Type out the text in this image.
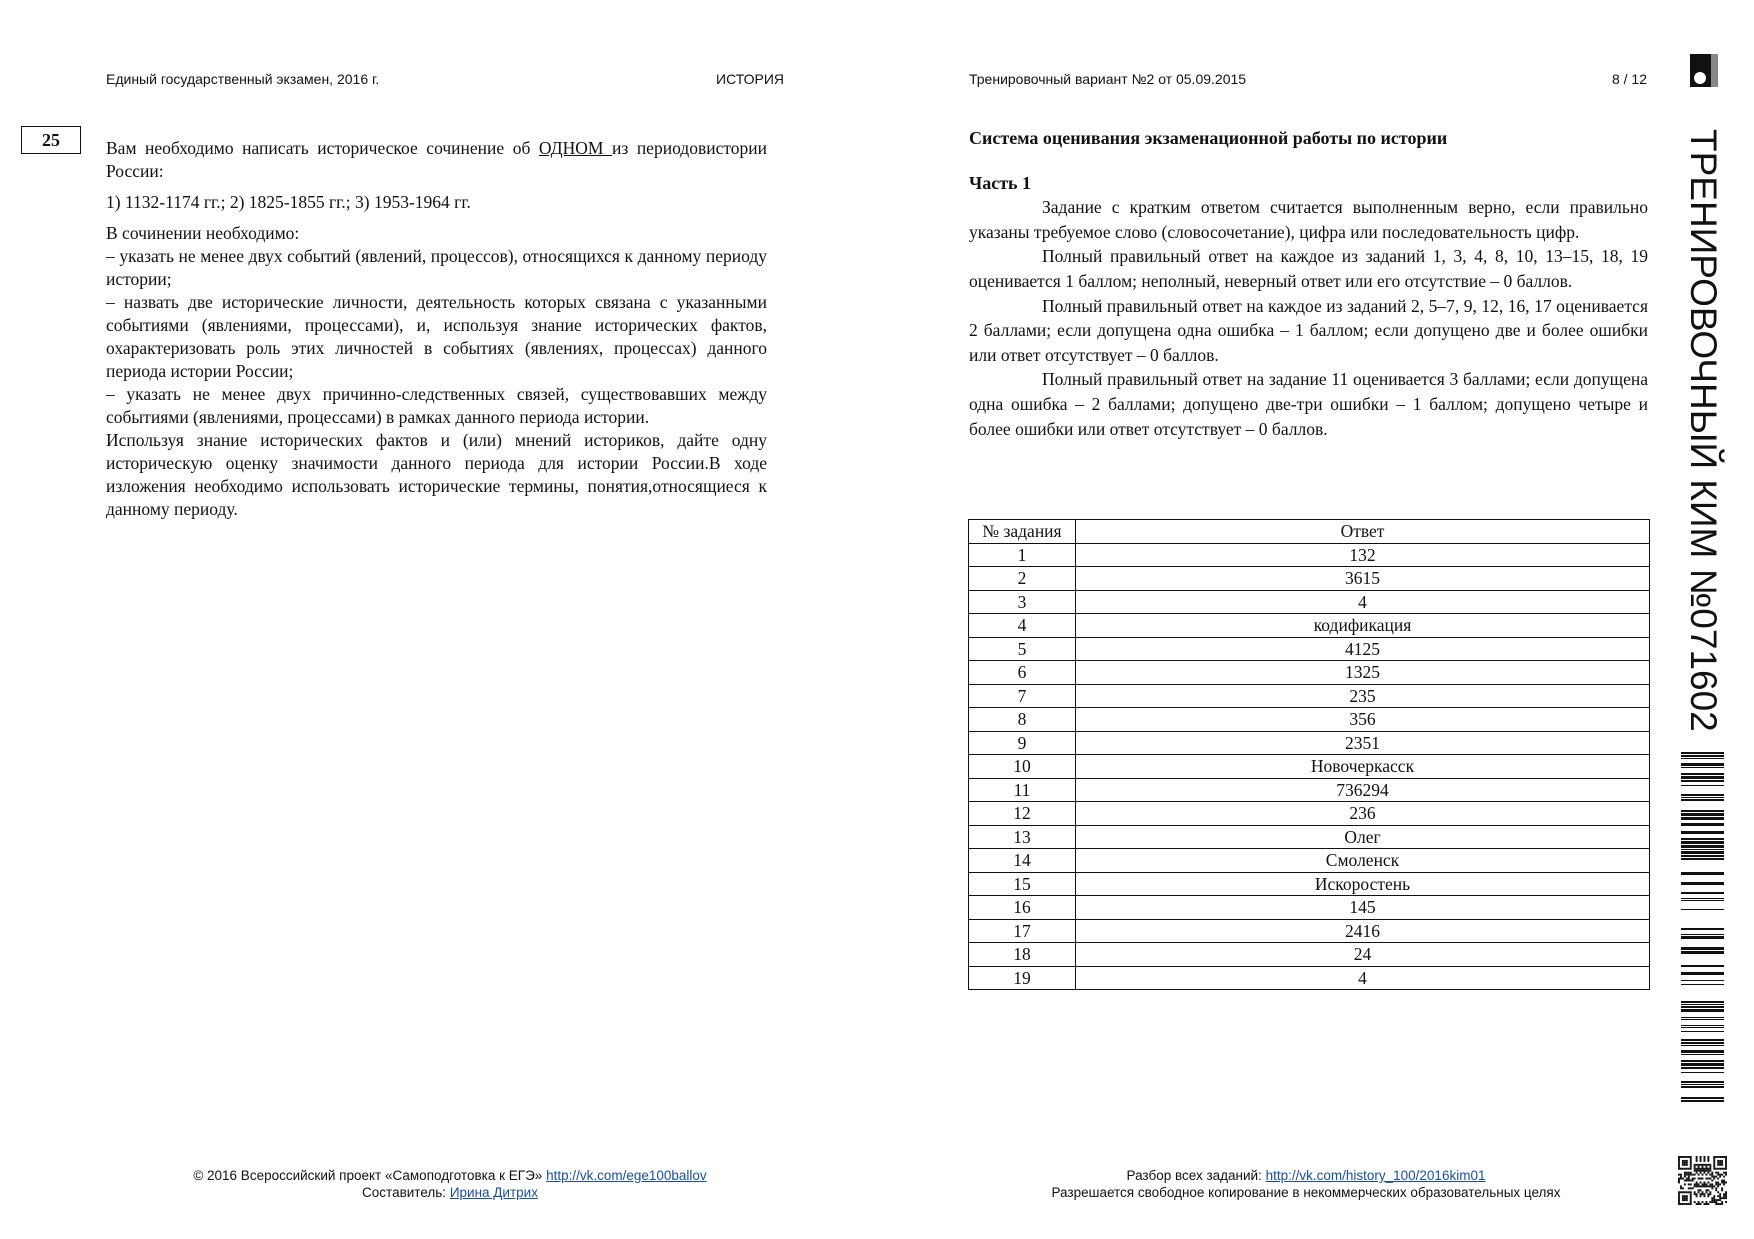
Единый государственный экзамен, 2016 г.	ИСТОРИЯ	Тренировочный вариант №2 от 05.09.2015	8 / 12
25	Вам необходимо написать историческое сочинение об ОДНОМ из периодовистории России:

1) 1132-1174 гг.; 2) 1825-1855 гг.; 3) 1953-1964 гг.

В сочинении необходимо:

– указать не менее двух событий (явлений, процессов), относящихся к данному периоду истории;

– назвать две исторические личности, деятельность которых связана с указанными событиями (явлениями, процессами), и, используя знание исторических фактов, охарактеризовать роль этих личностей в событиях (явлениях, процессах) данного периода истории России;

– указать не менее двух причинно-следственных связей, существовавших между событиями (явлениями, процессами) в рамках данного периода истории.

Используя знание исторических фактов и (или) мнений историков, дайте одну историческую оценку значимости данного периода для истории России.В ходе изложения необходимо использовать исторические термины, понятия,относящиеся к данному периоду.

Система оценивания экзаменационной работы по истории

Часть 1

Задание с кратким ответом считается выполненным верно, если правильно указаны требуемое слово (словосочетание), цифра или последовательность цифр.

Полный правильный ответ на каждое из заданий 1, 3, 4, 8, 10, 13–15, 18, 19 оценивается 1 баллом; неполный, неверный ответ или его отсутствие – 0 баллов.

Полный правильный ответ на каждое из заданий 2, 5–7, 9, 12, 16, 17 оценивается 2 баллами; если допущена одна ошибка – 1 баллом; если допущено две и более ошибки или ответ отсутствует – 0 баллов.

Полный правильный ответ на задание 11 оценивается 3 баллами; если допущена одна ошибка – 2 баллами; допущено две-три ошибки – 1 баллом; допущено четыре и более ошибки или ответ отсутствует – 0 баллов.

№ задания	Ответ
1	132
2	3615
3	4
4	кодификация
5	4125
6	1325
7	235
8	356
9	2351
10	Новочеркасск
11	736294
12	236
13	Олег
14	Смоленск
15	Искоростень
16	145
17	2416
18	24
19	4
ТРЕНИРОВОЧНЫЙ КИМ №071602
© 2016 Всероссийский проект «Самоподготовка к ЕГЭ» http://vk.com/ege100ballov
Составитель: Ирина Дитрих
Разбор всех заданий: http://vk.com/history_100/2016kim01
Разрешается свободное копирование в некоммерческих образовательных целях
